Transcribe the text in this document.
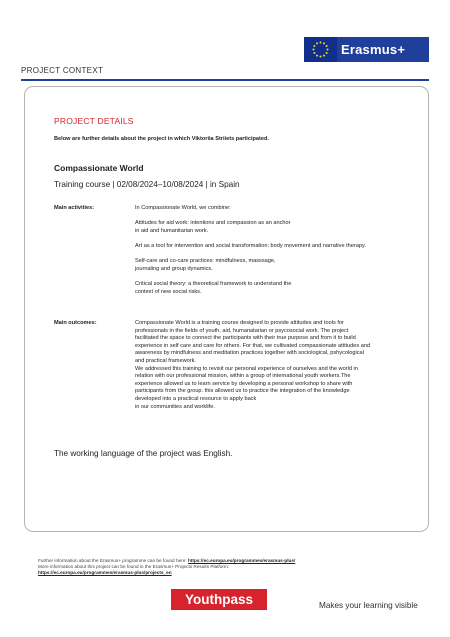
Erasmus+
PROJECT CONTEXT
PROJECT DETAILS
Below are further details about the project in which Viktoriia Striiets participated.
Compassionate World
Training course | 02/08/2024–10/08/2024 | in Spain
Main activities:	In Compassionate World, we combine:

Attitudes for aid work: intentions and compassion as an anchor
in aid and humanitarian work.

Art as a tool for intervention and social transformation: body movement and narrative therapy.

Self-care and co-care practices: mindfulness, masssage,
journaling and group dynamics.

Critical social theory: a theoretical framework to understand the
context of new social risks.

Main outcomes:	Compassionate World is a training course designed to provide attitudes and tools for
professionals in the fields of youth, aid, humanatarian or psycosocial work. The project
facilitated the space to connect the participants with their true purpose and from it to build
experience in self care and care for others. For that, we cultivated compassionate attitudes and
awareness by mindfulness and meditation practices together with sociological, pshycological
and practical framework.
We addressed this training to revisit our personal experience of ourselves and the world in
relation with our professional mission, within a group of international youth workers.The
experience allowed us to learn service by developing a personal workshop to share with
participants from the group. this allowed us to practice the integration of the knowledge
developed into a practical resource to apply back
in our communities and worklife.
The working language of the project was English.
Further information about the Erasmus+ programme can be found here: https://ec.europa.eu/programmes/erasmus-plus/
More information about this project can be found in the Erasmus+ Projects Results Platform:
https://ec.europa.eu/programmes/erasmus-plus/projects_en
Youthpass	Makes your learning visible
